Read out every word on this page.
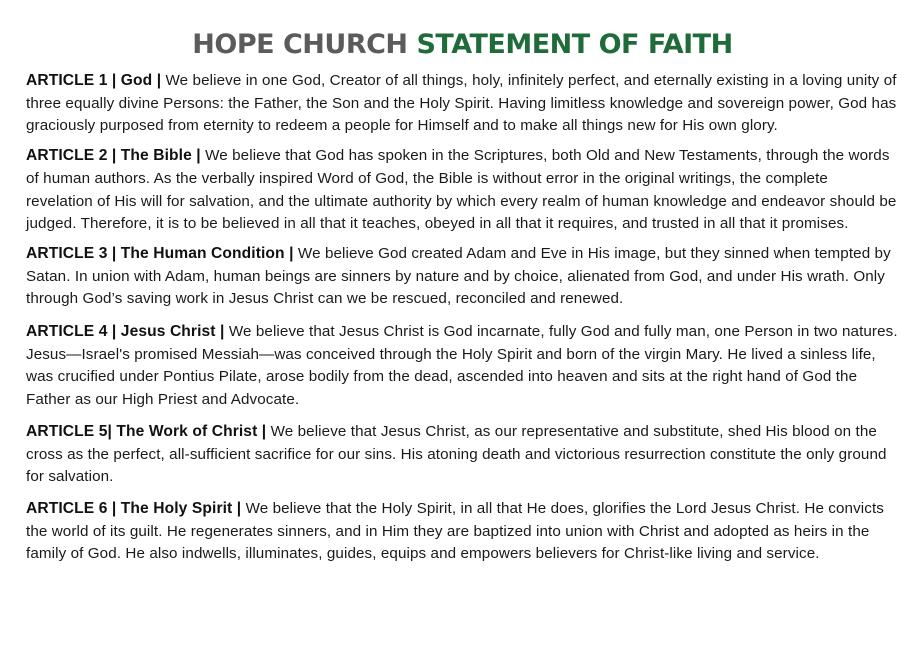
HOPE CHURCH STATEMENT OF FAITH

ARTICLE 1 | God | We believe in one God, Creator of all things, holy, infinitely perfect, and eternally existing in a loving unity of three equally divine Persons: the Father, the Son and the Holy Spirit. Having limitless knowledge and sovereign power, God has graciously purposed from eternity to redeem a people for Himself and to make all things new for His own glory.

ARTICLE 2 | The Bible | We believe that God has spoken in the Scriptures, both Old and New Testaments, through the words of human authors. As the verbally inspired Word of God, the Bible is without error in the original writings, the complete revelation of His will for salvation, and the ultimate authority by which every realm of human knowledge and endeavor should be judged. Therefore, it is to be believed in all that it teaches, obeyed in all that it requires, and trusted in all that it promises.

ARTICLE 3 | The Human Condition | We believe God created Adam and Eve in His image, but they sinned when tempted by Satan. In union with Adam, human beings are sinners by nature and by choice, alienated from God, and under His wrath. Only through God’s saving work in Jesus Christ can we be rescued, reconciled and renewed.

ARTICLE 4 | Jesus Christ | We believe that Jesus Christ is God incarnate, fully God and fully man, one Person in two natures. Jesus—Israel's promised Messiah—was conceived through the Holy Spirit and born of the virgin Mary. He lived a sinless life, was crucified under Pontius Pilate, arose bodily from the dead, ascended into heaven and sits at the right hand of God the Father as our High Priest and Advocate.

ARTICLE 5| The Work of Christ | We believe that Jesus Christ, as our representative and substitute, shed His blood on the cross as the perfect, all-sufficient sacrifice for our sins. His atoning death and victorious resurrection constitute the only ground for salvation.

ARTICLE 6 | The Holy Spirit | We believe that the Holy Spirit, in all that He does, glorifies the Lord Jesus Christ. He convicts the world of its guilt. He regenerates sinners, and in Him they are baptized into union with Christ and adopted as heirs in the family of God. He also indwells, illuminates, guides, equips and empowers believers for Christ-like living and service.
